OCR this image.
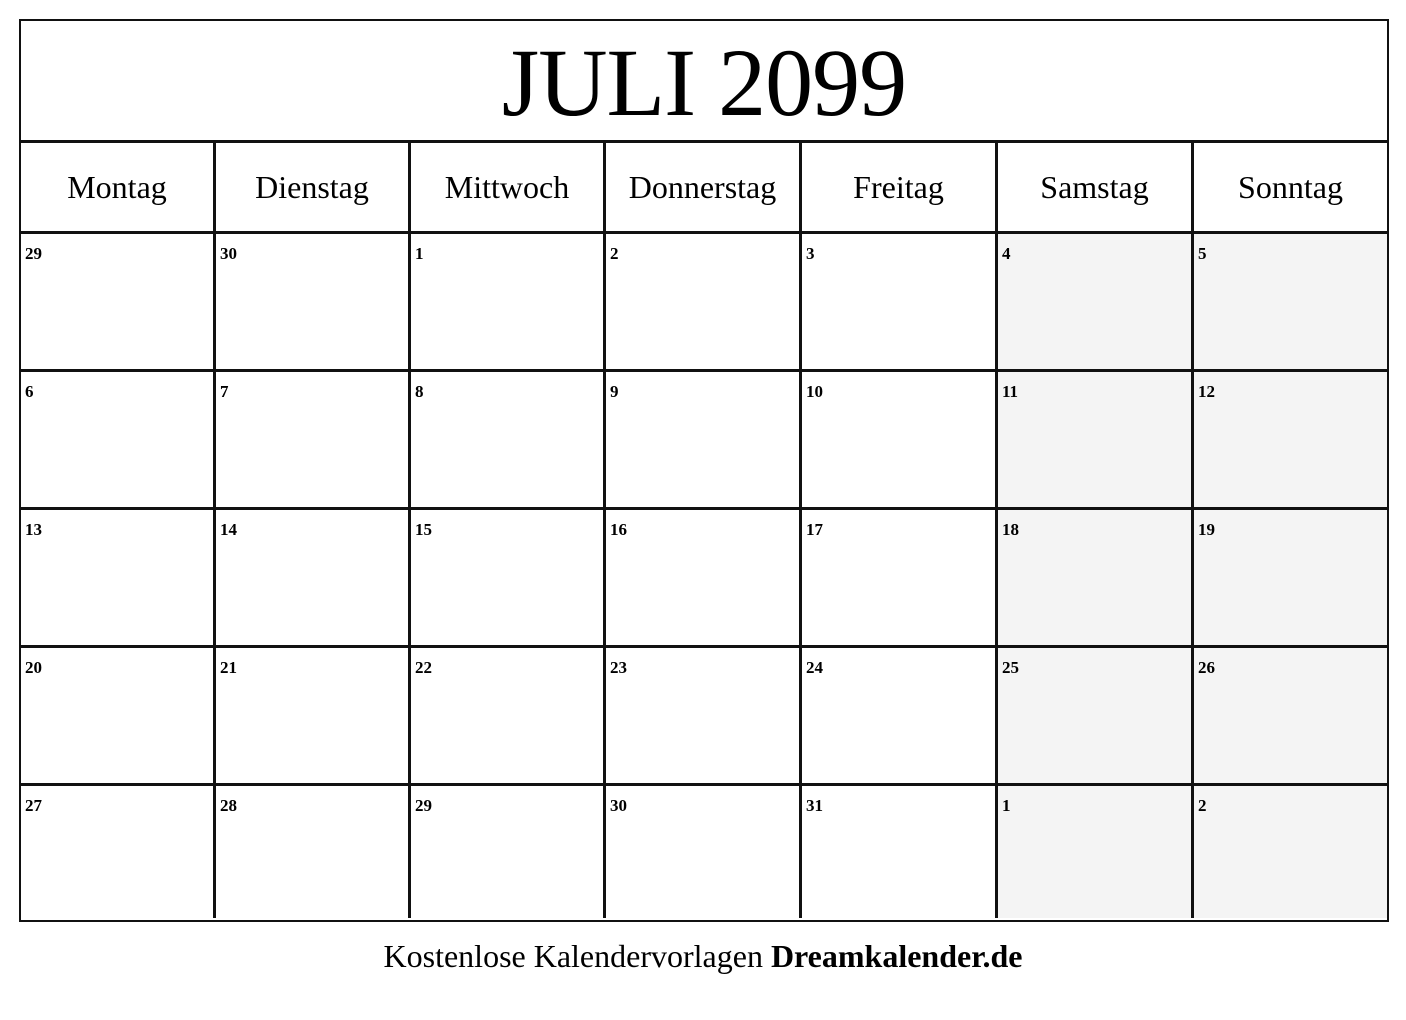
JULI 2099
Montag	Dienstag	Mittwoch	Donnerstag	Freitag	Samstag	Sonntag
29	30	1	2	3	4	5
6	7	8	9	10	11	12
13	14	15	16	17	18	19
20	21	22	23	24	25	26
27	28	29	30	31	1	2
Kostenlose Kalendervorlagen Dreamkalender.de
